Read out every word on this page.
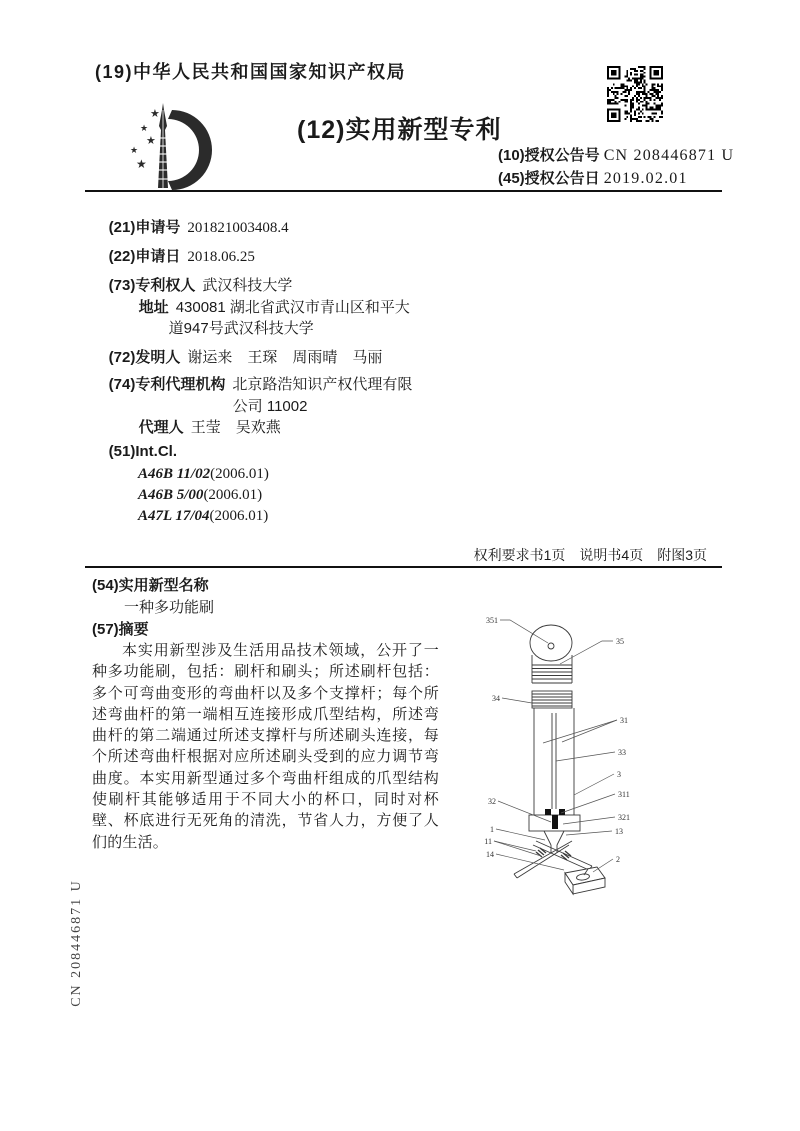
(19)中华人民共和国国家知识产权局
★
★
★
★
★
(12)实用新型专利
(10)授权公告号 CN 208446871 U
(45)授权公告日 2019.02.01

(21)申请号 201821003408.4

(22)申请日 2018.06.25

(73)专利权人 武汉科技大学

地址 430081 湖北省武汉市青山区和平大

道947号武汉科技大学

(72)发明人 谢运来　王琛　周雨晴　马丽

(74)专利代理机构 北京路浩知识产权代理有限

公司 11002

代理人 王莹　吴欢燕

(51)Int.Cl.

A46B 11/02(2006.01)

A46B 5/00(2006.01)

A47L 17/04(2006.01)

权利要求书1页　说明书4页　附图3页
(54)实用新型名称
一种多功能刷
(57)摘要
本实用新型涉及生活用品技术领域，公开了一种多功能刷，包括：刷杆和刷头；所述刷杆包括：多个可弯曲变形的弯曲杆以及多个支撑杆；每个所述弯曲杆的第一端相互连接形成爪型结构，所述弯曲杆的第二端通过所述支撑杆与所述刷头连接，每个所述弯曲杆根据对应所述刷头受到的应力调节弯曲度。本实用新型通过多个弯曲杆组成的爪型结构使刷杆其能够适用于不同大小的杯口，同时对杯壁、杯底进行无死角的清洗，节省人力，方便了人们的生活。
351
35
34
31
33
3
311
32
321
1	13
11
14
2
CN 208446871 U
